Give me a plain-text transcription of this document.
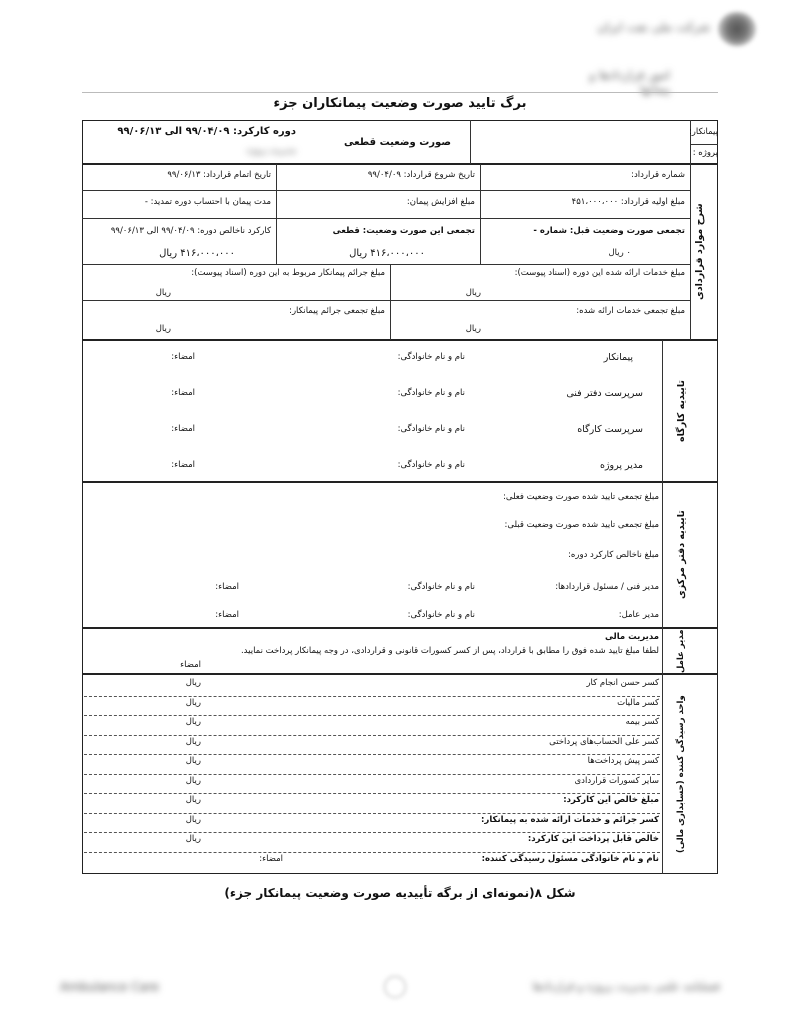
شرکت ملی نفت ایران
امور قراردادها و پیمانها
برگ تایید صورت وضعیت پیمانکاران جزء
پیمانکار:
پروژه :
صورت وضعیت قطعی
دوره کارکرد: ۹۹/۰۴/۰۹ الی ۹۹/۰۶/۱۳
مدیریت پروژه
شرح موارد قراردادی
شماره قرارداد:
تاریخ شروع قرارداد: ۹۹/۰۴/۰۹
تاریخ اتمام قرارداد: ۹۹/۰۶/۱۳
مبلغ اولیه قرارداد: ۴۵۱،۰۰۰،۰۰۰
مبلغ افزایش پیمان:
مدت پیمان با احتساب دوره تمدید: -
تجمعی صورت وضعیت قبل: شماره -
۰ ریال
تجمعی این صورت وضعیت: قطعی
۴۱۶،۰۰۰،۰۰۰ ریال
کارکرد ناخالص دوره: ۹۹/۰۴/۰۹ الی ۹۹/۰۶/۱۳
۴۱۶،۰۰۰،۰۰۰ ریال
مبلغ خدمات ارائه شده این دوره (اسناد پیوست):
ریال
مبلغ جرائم پیمانکار مربوط به این دوره (اسناد پیوست):
ریال
مبلغ تجمعی خدمات ارائه شده:
ریال
مبلغ تجمعی جرائم پیمانکار:
ریال
تاییدیه کارگاه
پیمانکار
نام و نام خانوادگی:
امضاء:
سرپرست دفتر فنی
نام و نام خانوادگی:
امضاء:
سرپرست کارگاه
نام و نام خانوادگی:
امضاء:
مدیر پروژه
نام و نام خانوادگی:
امضاء:
تاییدیه دفتر مرکزی
مبلغ تجمعی تایید شده صورت وضعیت فعلی:
مبلغ تجمعی تایید شده صورت وضعیت قبلی:
مبلغ ناخالص کارکرد دوره:
مدیر فنی / مسئول قراردادها:
نام و نام خانوادگی:
امضاء:
مدیر عامل:
نام و نام خانوادگی:
امضاء:
مدیر عامل
مدیریت مالی
لطفا مبلغ تایید شده فوق را مطابق با قرارداد، پس از کسر کسورات قانونی و قراردادی، در وجه پیمانکار پرداخت نمایید.
امضاء
واحد رسیدگی کننده (حسابداری مالی)
کسر حسن انجام کار
ریال
کسر مالیات
ریال
کسر بیمه
ریال
کسر علی الحساب‌های پرداختی
ریال
کسر پیش پرداخت‌ها
ریال
سایر کسورات قراردادی
ریال
مبلغ خالص این کارکرد:
ریال
کسر جرائم و خدمات ارائه شده به پیمانکار:
ریال
خالص قابل پرداخت این کارکرد:
ریال
نام و نام خانوادگی مسئول رسیدگی کننده:
امضاء:
شکل ۸(نمونه‌ای از برگه تأییدیه صورت وضعیت پیمانکار جزء)
Ambulance Care	فصلنامه علمی مدیریت پروژه و قراردادها
